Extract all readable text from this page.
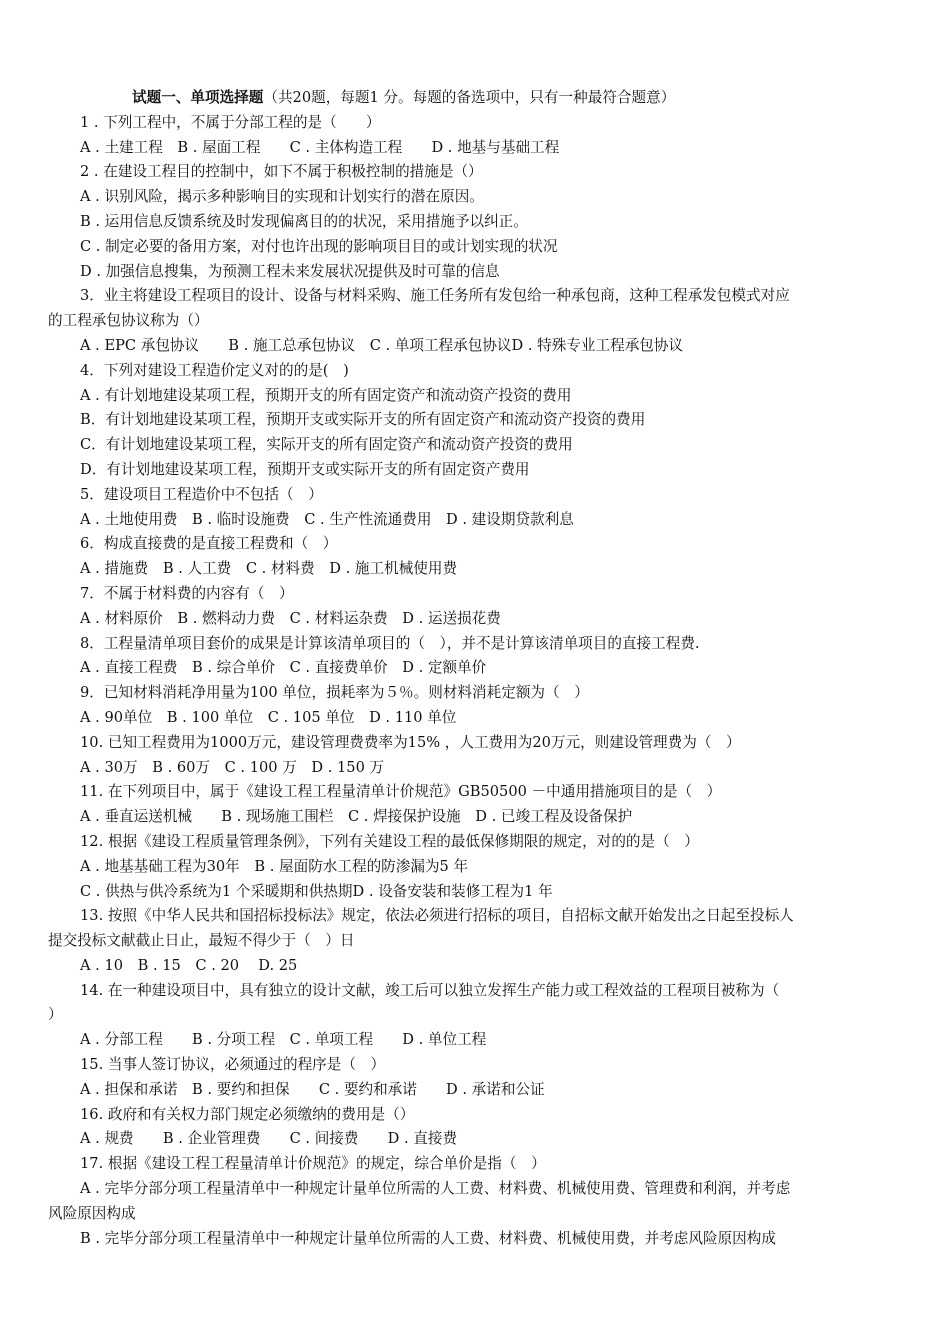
试题一、单项选择题（共20题，每题1 分。每题的备选项中，只有一种最符合题意）
1 . 下列工程中，不属于分部工程的是（　　）
A . 土建工程　B . 屋面工程　　C . 主体构造工程　　D . 地基与基础工程
2 . 在建设工程目的控制中，如下不属于积极控制的措施是（）
A . 识别风险，揭示多种影响目的实现和计划实行的潜在原因。
B . 运用信息反馈系统及时发现偏离目的的状况，采用措施予以纠正。
C . 制定必要的备用方案，对付也许出现的影响项目目的或计划实现的状况
D . 加强信息搜集，为预测工程未来发展状况提供及时可靠的信息
3．业主将建设工程项目的设计、设备与材料采购、施工任务所有发包给一种承包商，这种工程承发包模式对应
的工程承包协议称为（）
A . EPC 承包协议　　B . 施工总承包协议　C . 单项工程承包协议D . 特殊专业工程承包协议
4．下列对建设工程造价定义对的的是(　)
A . 有计划地建设某项工程，预期开支的所有固定资产和流动资产投资的费用
B．有计划地建设某项工程，预期开支或实际开支的所有固定资产和流动资产投资的费用
C．有计划地建设某项工程，实际开支的所有固定资产和流动资产投资的费用
D．有计划地建设某项工程，预期开支或实际开支的所有固定资产费用
5．建设项目工程造价中不包括（　）
A . 土地使用费　B . 临时设施费　C . 生产性流通费用　D . 建设期贷款利息
6．构成直接费的是直接工程费和（　）
A . 措施费　B . 人工费　C . 材料费　D . 施工机械使用费
7．不属于材料费的内容有（　）
A . 材料原价　B . 燃料动力费　C . 材料运杂费　D . 运送损花费
8．工程量清单项目套价的成果是计算该清单项目的（　），并不是计算该清单项目的直接工程费.
A . 直接工程费　B . 综合单价　C . 直接费单价　D . 定额单价
9．已知材料消耗净用量为100 单位，损耗率为５％。则材料消耗定额为（　）
A . 90单位　B . 100 单位　C . 105 单位　D . 110 单位
10. 已知工程费用为1000万元，建设管理费费率为15% ，人工费用为20万元，则建设管理费为（　）
A . 30万　B . 60万　C . 100 万　D . 150 万
11. 在下列项目中，属于《建设工程工程量清单计价规范》GB50500 －中通用措施项目的是（　）
A . 垂直运送机械　　B . 现场施工围栏　C . 焊接保护设施　D . 已竣工程及设备保护
12. 根据《建设工程质量管理条例》，下列有关建设工程的最低保修期限的规定，对的的是（　）
A . 地基基础工程为30年　B . 屋面防水工程的防渗漏为5 年
C . 供热与供冷系统为1 个采暖期和供热期D . 设备安装和装修工程为1 年
13. 按照《中华人民共和国招标投标法》规定，依法必须进行招标的项目，自招标文献开始发出之日起至投标人
提交投标文献截止日止，最短不得少于（　）日
A . 10　B . 15　C . 20　 D. 25
14. 在一种建设项目中，具有独立的设计文献，竣工后可以独立发挥生产能力或工程效益的工程项目被称为（
）
A . 分部工程　　B . 分项工程　C . 单项工程　　D . 单位工程
15. 当事人签订协议，必须通过的程序是（　）
A . 担保和承诺　B . 要约和担保　　C . 要约和承诺　　D . 承诺和公证
16. 政府和有关权力部门规定必须缴纳的费用是（）
A . 规费　　B . 企业管理费　　C . 间接费　　D . 直接费
17. 根据《建设工程工程量清单计价规范》的规定，综合单价是指（　）
A . 完毕分部分项工程量清单中一种规定计量单位所需的人工费、材料费、机械使用费、管理费和利润，并考虑
风险原因构成
B . 完毕分部分项工程量清单中一种规定计量单位所需的人工费、材料费、机械使用费，并考虑风险原因构成
